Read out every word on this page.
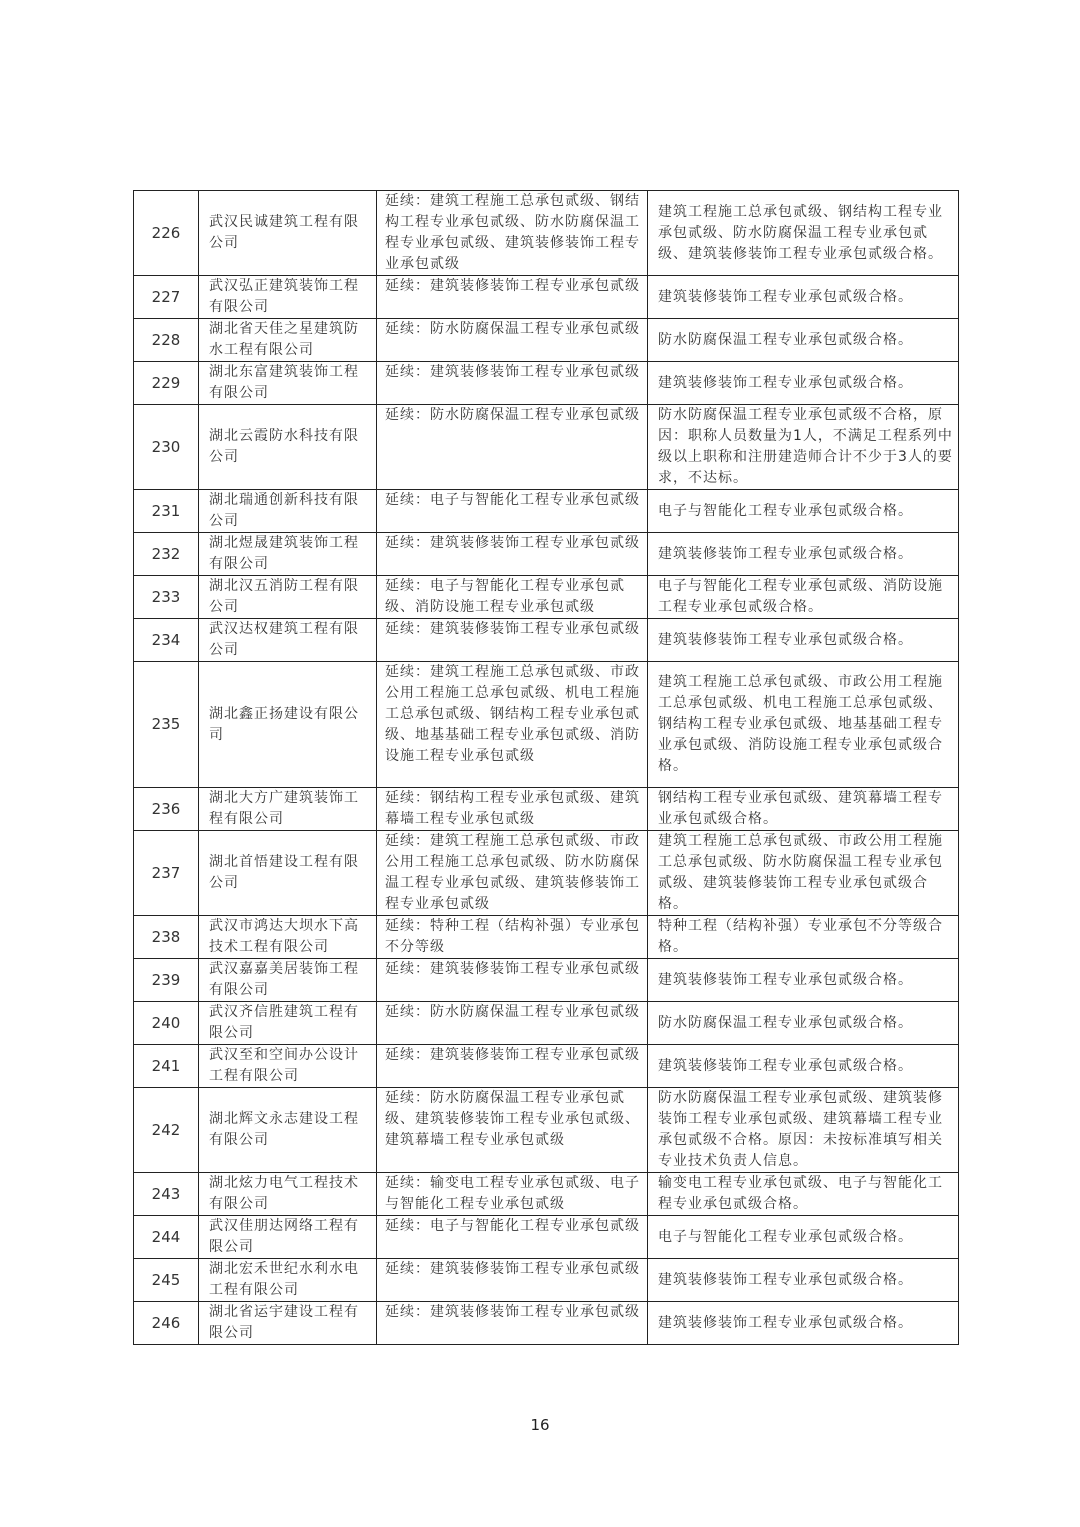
226	武汉民诚建筑工程有限公司	延续：建筑工程施工总承包贰级、钢结构工程专业承包贰级、防水防腐保温工程专业承包贰级、建筑装修装饰工程专业承包贰级	建筑工程施工总承包贰级、钢结构工程专业承包贰级、防水防腐保温工程专业承包贰级、建筑装修装饰工程专业承包贰级合格。
227	武汉弘正建筑装饰工程有限公司	延续：建筑装修装饰工程专业承包贰级	建筑装修装饰工程专业承包贰级合格。
228	湖北省天佳之星建筑防水工程有限公司	延续：防水防腐保温工程专业承包贰级	防水防腐保温工程专业承包贰级合格。
229	湖北东富建筑装饰工程有限公司	延续：建筑装修装饰工程专业承包贰级	建筑装修装饰工程专业承包贰级合格。
230	湖北云霞防水科技有限公司	延续：防水防腐保温工程专业承包贰级	防水防腐保温工程专业承包贰级不合格，原因：职称人员数量为1人，不满足工程系列中级以上职称和注册建造师合计不少于3人的要求，不达标。
231	湖北瑞通创新科技有限公司	延续：电子与智能化工程专业承包贰级	电子与智能化工程专业承包贰级合格。
232	湖北煜晟建筑装饰工程有限公司	延续：建筑装修装饰工程专业承包贰级	建筑装修装饰工程专业承包贰级合格。
233	湖北汉五消防工程有限公司	延续：电子与智能化工程专业承包贰级、消防设施工程专业承包贰级	电子与智能化工程专业承包贰级、消防设施工程专业承包贰级合格。
234	武汉达权建筑工程有限公司	延续：建筑装修装饰工程专业承包贰级	建筑装修装饰工程专业承包贰级合格。
235	湖北鑫正扬建设有限公司	延续：建筑工程施工总承包贰级、市政公用工程施工总承包贰级、机电工程施工总承包贰级、钢结构工程专业承包贰级、地基基础工程专业承包贰级、消防设施工程专业承包贰级	建筑工程施工总承包贰级、市政公用工程施工总承包贰级、机电工程施工总承包贰级、钢结构工程专业承包贰级、地基基础工程专业承包贰级、消防设施工程专业承包贰级合格。
236	湖北大方广建筑装饰工程有限公司	延续：钢结构工程专业承包贰级、建筑幕墙工程专业承包贰级	钢结构工程专业承包贰级、建筑幕墙工程专业承包贰级合格。
237	湖北首悟建设工程有限公司	延续：建筑工程施工总承包贰级、市政公用工程施工总承包贰级、防水防腐保温工程专业承包贰级、建筑装修装饰工程专业承包贰级	建筑工程施工总承包贰级、市政公用工程施工总承包贰级、防水防腐保温工程专业承包贰级、建筑装修装饰工程专业承包贰级合格。
238	武汉市鸿达大坝水下高技术工程有限公司	延续：特种工程（结构补强）专业承包不分等级	特种工程（结构补强）专业承包不分等级合格。
239	武汉嘉嘉美居装饰工程有限公司	延续：建筑装修装饰工程专业承包贰级	建筑装修装饰工程专业承包贰级合格。
240	武汉齐信胜建筑工程有限公司	延续：防水防腐保温工程专业承包贰级	防水防腐保温工程专业承包贰级合格。
241	武汉至和空间办公设计工程有限公司	延续：建筑装修装饰工程专业承包贰级	建筑装修装饰工程专业承包贰级合格。
242	湖北辉文永志建设工程有限公司	延续：防水防腐保温工程专业承包贰级、建筑装修装饰工程专业承包贰级、建筑幕墙工程专业承包贰级	防水防腐保温工程专业承包贰级、建筑装修装饰工程专业承包贰级、建筑幕墙工程专业承包贰级不合格。原因：未按标准填写相关专业技术负责人信息。
243	湖北炫力电气工程技术有限公司	延续：输变电工程专业承包贰级、电子与智能化工程专业承包贰级	输变电工程专业承包贰级、电子与智能化工程专业承包贰级合格。
244	武汉佳朋达网络工程有限公司	延续：电子与智能化工程专业承包贰级	电子与智能化工程专业承包贰级合格。
245	湖北宏禾世纪水利水电工程有限公司	延续：建筑装修装饰工程专业承包贰级	建筑装修装饰工程专业承包贰级合格。
246	湖北省运宇建设工程有限公司	延续：建筑装修装饰工程专业承包贰级	建筑装修装饰工程专业承包贰级合格。
16
